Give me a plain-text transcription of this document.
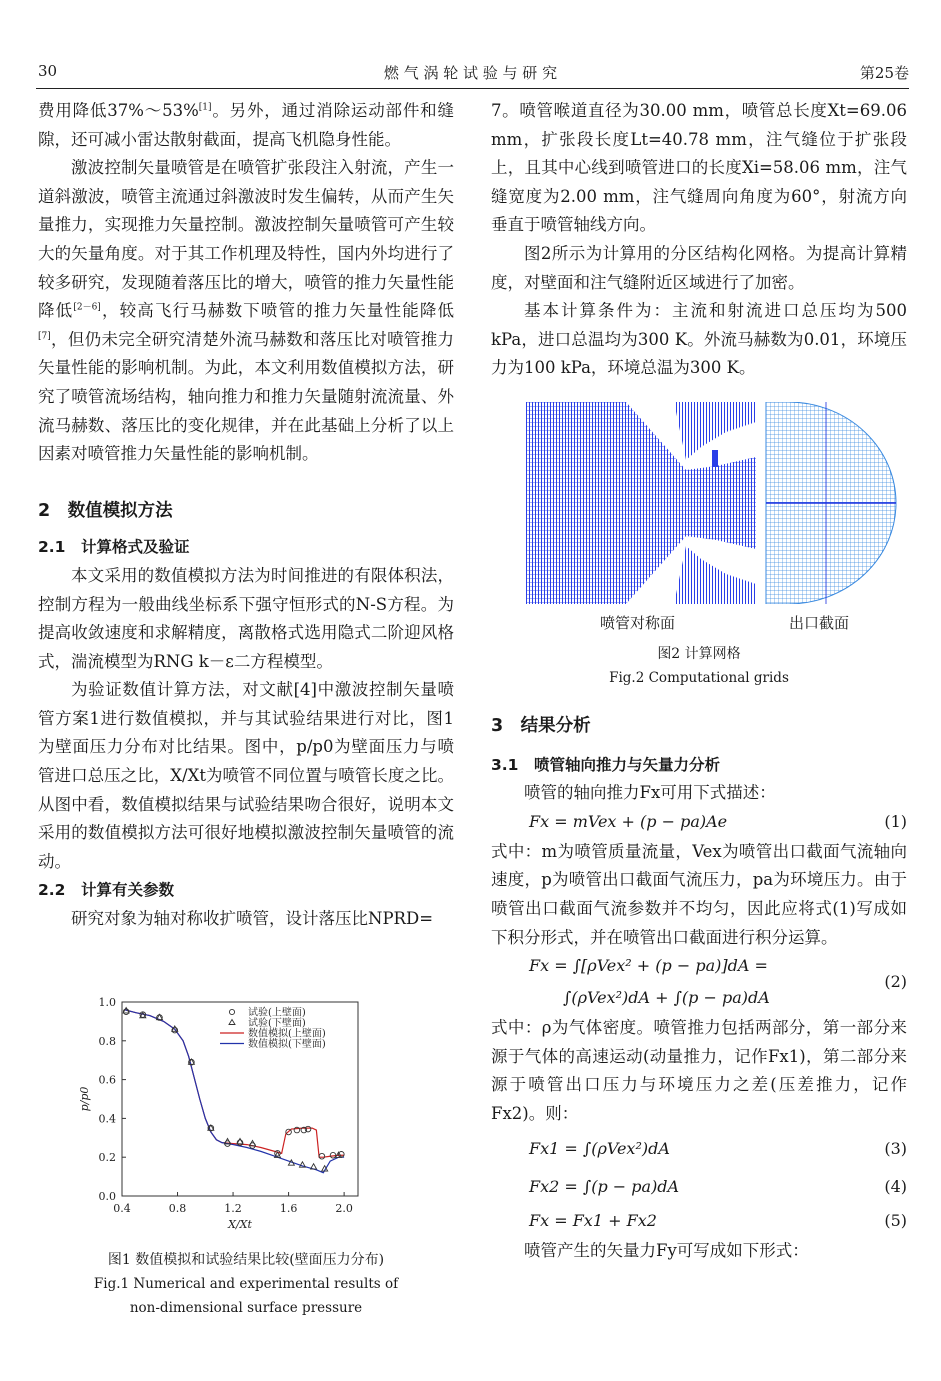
30	燃 气 涡 轮 试 验 与 研 究	第25卷

费用降低37%～53%[1]。另外，通过消除运动部件和缝隙，还可减小雷达散射截面，提高飞机隐身性能。

激波控制矢量喷管是在喷管扩张段注入射流，产生一道斜激波，喷管主流通过斜激波时发生偏转，从而产生矢量推力，实现推力矢量控制。激波控制矢量喷管可产生较大的矢量角度。对于其工作机理及特性，国内外均进行了较多研究，发现随着落压比的增大，喷管的推力矢量性能降低[2－6]，较高飞行马赫数下喷管的推力矢量性能降低[7]，但仍未完全研究清楚外流马赫数和落压比对喷管推力矢量性能的影响机制。为此，本文利用数值模拟方法，研究了喷管流场结构，轴向推力和推力矢量随射流流量、外流马赫数、落压比的变化规律，并在此基础上分析了以上因素对喷管推力矢量性能的影响机制。

2　数值模拟方法
2.1　计算格式及验证

本文采用的数值模拟方法为时间推进的有限体积法，控制方程为一般曲线坐标系下强守恒形式的N-S方程。为提高收敛速度和求解精度，离散格式选用隐式二阶迎风格式，湍流模型为RNG k－ε二方程模型。

为验证数值计算方法，对文献[4]中激波控制矢量喷管方案1进行数值模拟，并与其试验结果进行对比，图1为壁面压力分布对比结果。图中，p/p0为壁面压力与喷管进口总压之比，X/Xt为喷管不同位置与喷管长度之比。从图中看，数值模拟结果与试验结果吻合很好，说明本文采用的数值模拟方法可很好地模拟激波控制矢量喷管的流动。

2.2　计算有关参数

研究对象为轴对称收扩喷管，设计落压比NPRD=

0.4	0.8	1.2	1.6	2.0
0.0
0.2
0.4
0.6
0.8
1.0
X/Xt
p/p0
试验(上壁面)
试验(下壁面)
数值模拟(上壁面)
数值模拟(下壁面)
图1 数值模拟和试验结果比较(壁面压力分布)
Fig.1 Numerical and experimental results of
non-dimensional surface pressure

7。喷管喉道直径为30.00 mm，喷管总长度Xt=69.06 mm，扩张段长度Lt=40.78 mm，注气缝位于扩张段上，且其中心线到喷管进口的长度Xi=58.06 mm，注气缝宽度为2.00 mm，注气缝周向角度为60°，射流方向垂直于喷管轴线方向。

图2所示为计算用的分区结构化网格。为提高计算精度，对壁面和注气缝附近区域进行了加密。

基本计算条件为：主流和射流进口总压均为500 kPa，进口总温均为300 K。外流马赫数为0.01，环境压力为100 kPa，环境总温为300 K。

喷管对称面	出口截面
图2 计算网格
Fig.2 Computational grids
3　结果分析
3.1　喷管轴向推力与矢量力分析

喷管的轴向推力Fx可用下式描述：

Fx = mVex + (p − pa)Ae	(1)

式中：m为喷管质量流量，Vex为喷管出口截面气流轴向速度，p为喷管出口截面气流压力，pa为环境压力。由于喷管出口截面气流参数并不均匀，因此应将式(1)写成如下积分形式，并在喷管出口截面进行积分运算。

Fx = ∫[ρVex² + (p − pa)]dA =
∫(ρVex²)dA + ∫(p − pa)dA
(2)

式中：ρ为气体密度。喷管推力包括两部分，第一部分来源于气体的高速运动(动量推力，记作Fx1)，第二部分来源于喷管出口压力与环境压力之差(压差推力，记作Fx2)。则：

Fx1 = ∫(ρVex²)dA	(3)
Fx2 = ∫(p − pa)dA	(4)
Fx = Fx1 + Fx2	(5)

喷管产生的矢量力Fy可写成如下形式：
